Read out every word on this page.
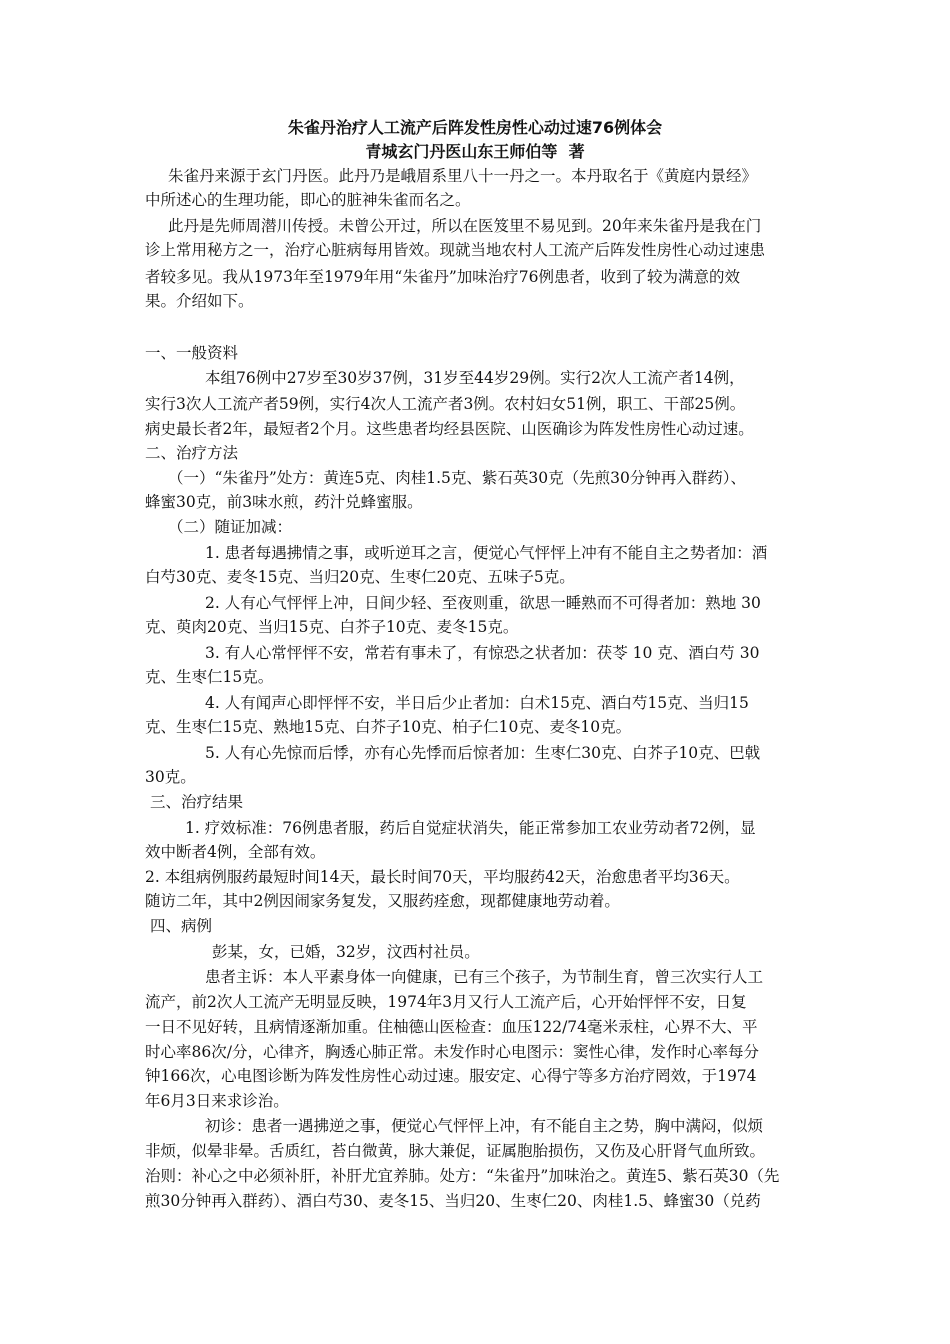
朱雀丹治疗人工流产后阵发性房性心动过速76例体会
青城玄门丹医山东王师伯等  著
朱雀丹来源于玄门丹医。此丹乃是峨眉系里八十一丹之一。本丹取名于《黄庭内景经》
中所述心的生理功能，即心的脏神朱雀而名之。
此丹是先师周潜川传授。未曾公开过，所以在医笈里不易见到。20年来朱雀丹是我在门
诊上常用秘方之一，治疗心脏病每用皆效。现就当地农村人工流产后阵发性房性心动过速患
者较多见。我从1973年至1979年用“朱雀丹”加味治疗76例患者，收到了较为满意的效
果。介绍如下。
一、一般资料
本组76例中27岁至30岁37例，31岁至44岁29例。实行2次人工流产者14例，
实行3次人工流产者59例，实行4次人工流产者3例。农村妇女51例，职工、干部25例。
病史最长者2年，最短者2个月。这些患者均经县医院、山医确诊为阵发性房性心动过速。
二、治疗方法
（一）“朱雀丹”处方：黄连5克、肉桂1.5克、紫石英30克（先煎30分钟再入群药）、
蜂蜜30克，前3味水煎，药汁兑蜂蜜服。
（二）随证加减：
1. 患者每遇拂情之事，或听逆耳之言，便觉心气怦怦上冲有不能自主之势者加：酒
白芍30克、麦冬15克、当归20克、生枣仁20克、五味子5克。
2. 人有心气怦怦上冲，日间少轻、至夜则重，欲思一睡熟而不可得者加：熟地 30
克、萸肉20克、当归15克、白芥子10克、麦冬15克。
3. 有人心常怦怦不安，常若有事未了，有惊恐之状者加：茯苓 10 克、酒白芍 30
克、生枣仁15克。
4. 人有闻声心即怦怦不安，半日后少止者加：白术15克、酒白芍15克、当归15
克、生枣仁15克、熟地15克、白芥子10克、柏子仁10克、麦冬10克。
5. 人有心先惊而后悸，亦有心先悸而后惊者加：生枣仁30克、白芥子10克、巴戟
30克。
三、治疗结果
1. 疗效标准：76例患者服，药后自觉症状消失，能正常参加工农业劳动者72例，显
效中断者4例，全部有效。
2. 本组病例服药最短时间14天，最长时间70天，平均服药42天，治愈患者平均36天。
随访二年，其中2例因闹家务复发，又服药痊愈，现都健康地劳动着。
四、病例
彭某，女，已婚，32岁，汶西村社员。
患者主诉：本人平素身体一向健康，已有三个孩子，为节制生育，曾三次实行人工
流产，前2次人工流产无明显反映，1974年3月又行人工流产后，心开始怦怦不安，日复
一日不见好转，且病情逐渐加重。住柚德山医检查：血压122/74毫米汞柱，心界不大、平
时心率86次/分，心律齐，胸透心肺正常。未发作时心电图示：窦性心律，发作时心率每分
钟166次，心电图诊断为阵发性房性心动过速。服安定、心得宁等多方治疗罔效，于1974
年6月3日来求诊治。
初诊：患者一遇拂逆之事，便觉心气怦怦上冲，有不能自主之势，胸中满闷，似烦
非烦，似晕非晕。舌质红，苔白微黄，脉大兼促，证属胞胎损伤，又伤及心肝肾气血所致。
治则：补心之中必须补肝，补肝尤宜养肺。处方：“朱雀丹”加味治之。黄连5、紫石英30（先
煎30分钟再入群药）、酒白芍30、麦冬15、当归20、生枣仁20、肉桂1.5、蜂蜜30（兑药
